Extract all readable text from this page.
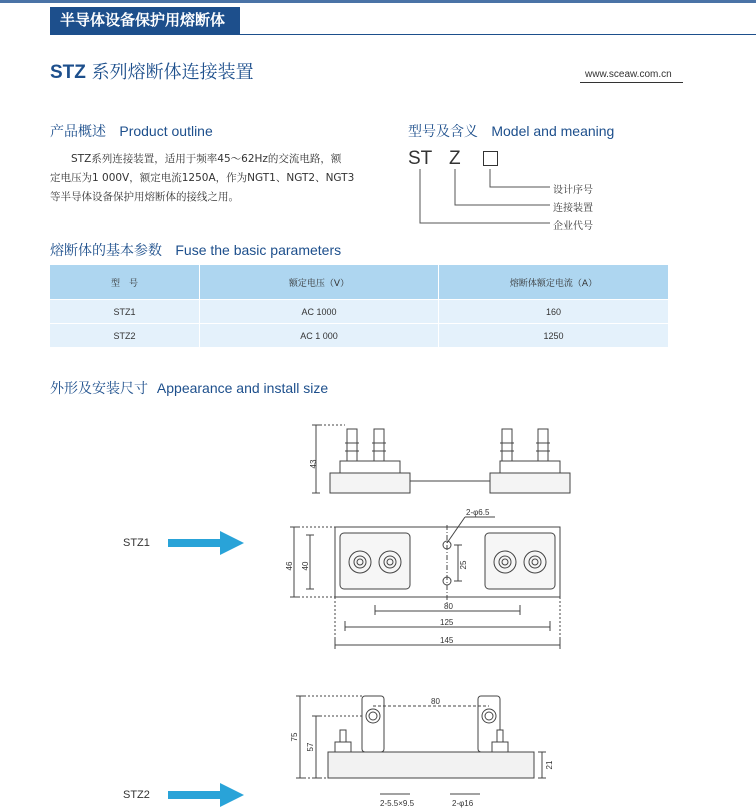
半导体设备保护用熔断体
STZ 系列熔断体连接装置	www.sceaw.com.cn
产品概述 Product outline

STZ系列连接装置，适用于频率45～62Hz的交流电路，额

定电压为1 000V，额定电流1250A，作为NGT1、NGT2、NGT3

等半导体设备保护用熔断体的接线之用。

型号及含义 Model and meaning
ST Z
设计序号
连接装置
企业代号
熔断体的基本参数 Fuse the basic parameters
型　号	额定电压（V）	熔断体额定电流（A）
STZ1	AC 1000	160
STZ2	AC 1 000	1250
外形及安装尺寸 Appearance and install size
STZ1
STZ2
43
2-φ6.5
46 40	25
80
125
145
80
75
57
21
2-5.5×9.5	2-φ16
